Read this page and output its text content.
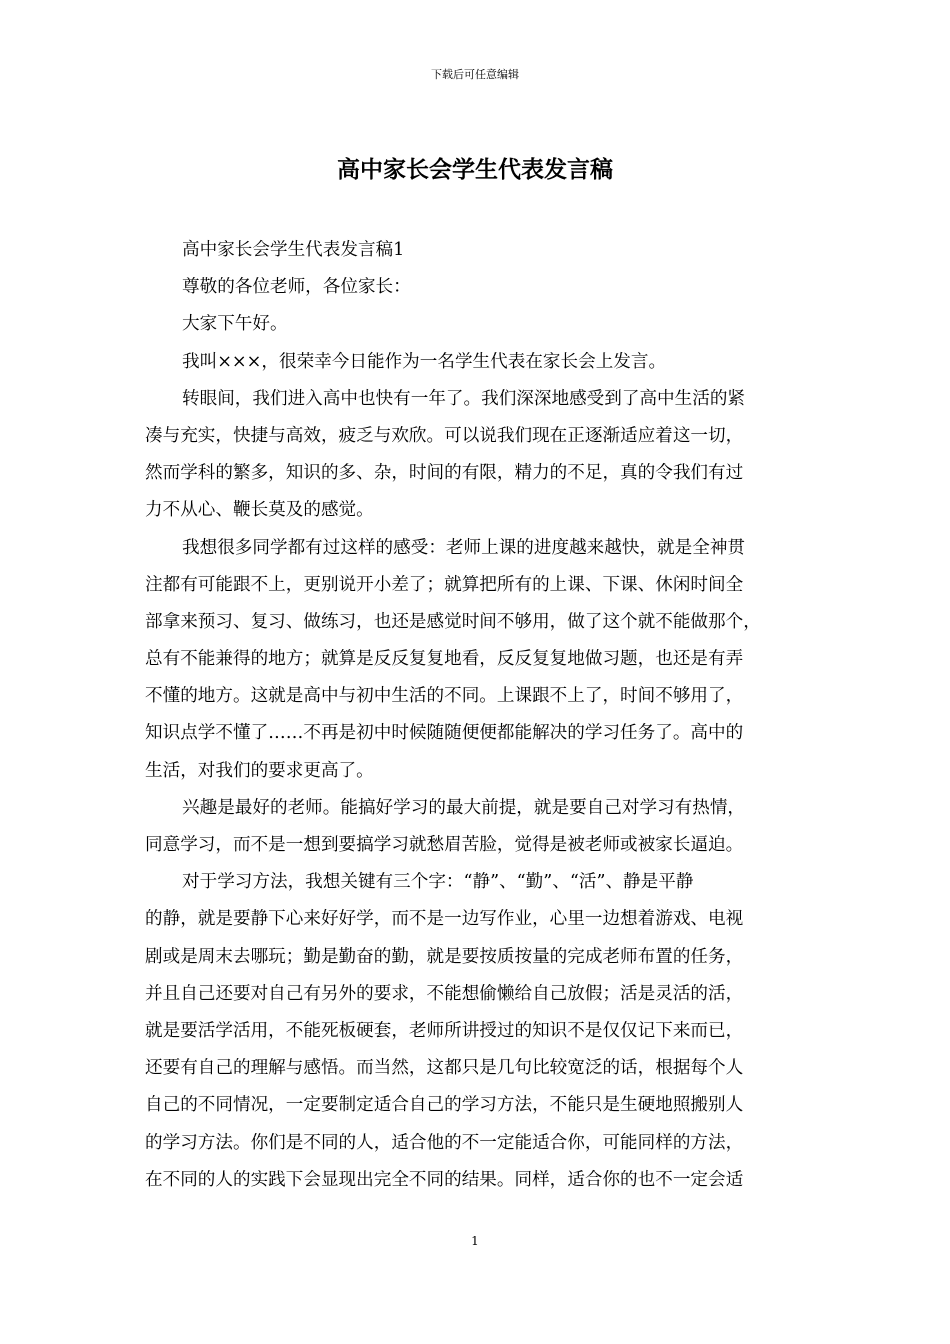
下载后可任意编辑
高中家长会学生代表发言稿
高中家长会学生代表发言稿1
尊敬的各位老师，各位家长：
大家下午好。
我叫×××，很荣幸今日能作为一名学生代表在家长会上发言。
转眼间，我们进入高中也快有一年了。我们深深地感受到了高中生活的紧
凑与充实，快捷与高效，疲乏与欢欣。可以说我们现在正逐渐适应着这一切，
然而学科的繁多，知识的多、杂，时间的有限，精力的不足，真的令我们有过
力不从心、鞭长莫及的感觉。
我想很多同学都有过这样的感受：老师上课的进度越来越快，就是全神贯
注都有可能跟不上，更别说开小差了；就算把所有的上课、下课、休闲时间全
部拿来预习、复习、做练习，也还是感觉时间不够用，做了这个就不能做那个，
总有不能兼得的地方；就算是反反复复地看，反反复复地做习题，也还是有弄
不懂的地方。这就是高中与初中生活的不同。上课跟不上了，时间不够用了，
知识点学不懂了……不再是初中时候随随便便都能解决的学习任务了。高中的
生活，对我们的要求更高了。
兴趣是最好的老师。能搞好学习的最大前提，就是要自己对学习有热情，
同意学习，而不是一想到要搞学习就愁眉苦脸，觉得是被老师或被家长逼迫。
对于学习方法，我想关键有三个字：“静”、“勤”、“活”、静是平静
的静，就是要静下心来好好学，而不是一边写作业，心里一边想着游戏、电视
剧或是周末去哪玩；勤是勤奋的勤，就是要按质按量的完成老师布置的任务，
并且自己还要对自己有另外的要求，不能想偷懒给自己放假；活是灵活的活，
就是要活学活用，不能死板硬套，老师所讲授过的知识不是仅仅记下来而已，
还要有自己的理解与感悟。而当然，这都只是几句比较宽泛的话，根据每个人
自己的不同情况，一定要制定适合自己的学习方法，不能只是生硬地照搬别人
的学习方法。你们是不同的人，适合他的不一定能适合你，可能同样的方法，
在不同的人的实践下会显现出完全不同的结果。同样，适合你的也不一定会适
1
